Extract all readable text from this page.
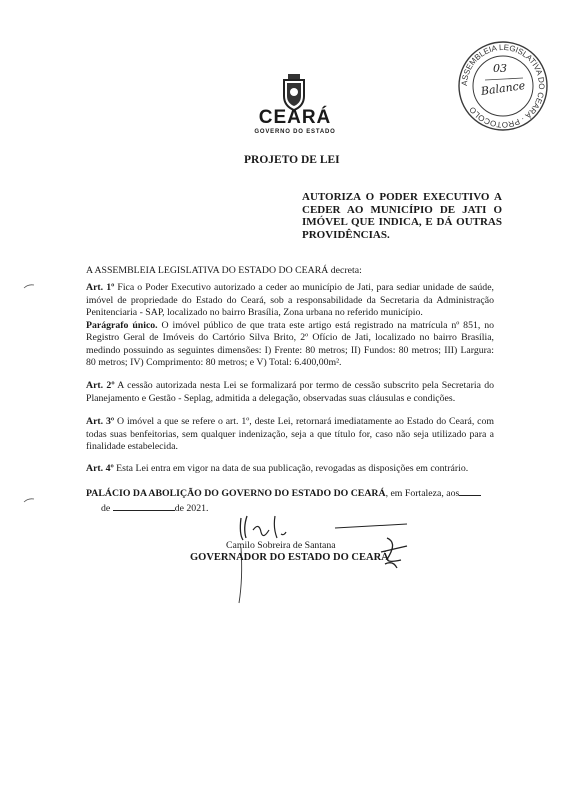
CEARÁ
GOVERNO DO ESTADO
ASSEMBLEIA LEGISLATIVA DO CEARÁ · PROTOCOLO
03
Balance
PROJETO DE LEI
AUTORIZA O PODER EXECUTIVO A CEDER AO MUNICÍPIO DE JATI O IMÓVEL QUE INDICA, E DÁ OUTRAS PROVIDÊNCIAS.
A ASSEMBLEIA LEGISLATIVA DO ESTADO DO CEARÁ decreta:
Art. 1º Fica o Poder Executivo autorizado a ceder ao município de Jati, para sediar unidade de saúde, imóvel de propriedade do Estado do Ceará, sob a responsabilidade da Secretaria da Administração Penitenciaria - SAP, localizado no bairro Brasília, Zona urbana no referido município.
Parágrafo único. O imóvel público de que trata este artigo está registrado na matrícula nº 851, no Registro Geral de Imóveis do Cartório Silva Brito, 2º Ofício de Jati, localizado no bairro Brasília, medindo possuindo as seguintes dimensões: I) Frente: 80 metros; II) Fundos: 80 metros; III) Largura: 80 metros; IV) Comprimento: 80 metros; e V) Total: 6.400,00m².
Art. 2º A cessão autorizada nesta Lei se formalizará por termo de cessão subscrito pela Secretaria do Planejamento e Gestão - Seplag, admitida a delegação, observadas suas cláusulas e condições.
Art. 3º O imóvel a que se refere o art. 1º, deste Lei, retornará imediatamente ao Estado do Ceará, com todas suas benfeitorias, sem qualquer indenização, seja a que título for, caso não seja utilizado para a finalidade estabelecida.
Art. 4º Esta Lei entra em vigor na data de sua publicação, revogadas as disposições em contrário.
PALÁCIO DA ABOLIÇÃO DO GOVERNO DO ESTADO DO CEARÁ, em Fortaleza, aos
de	de 2021.
Camilo Sobreira de Santana
GOVERNADOR DO ESTADO DO CEARÁ
